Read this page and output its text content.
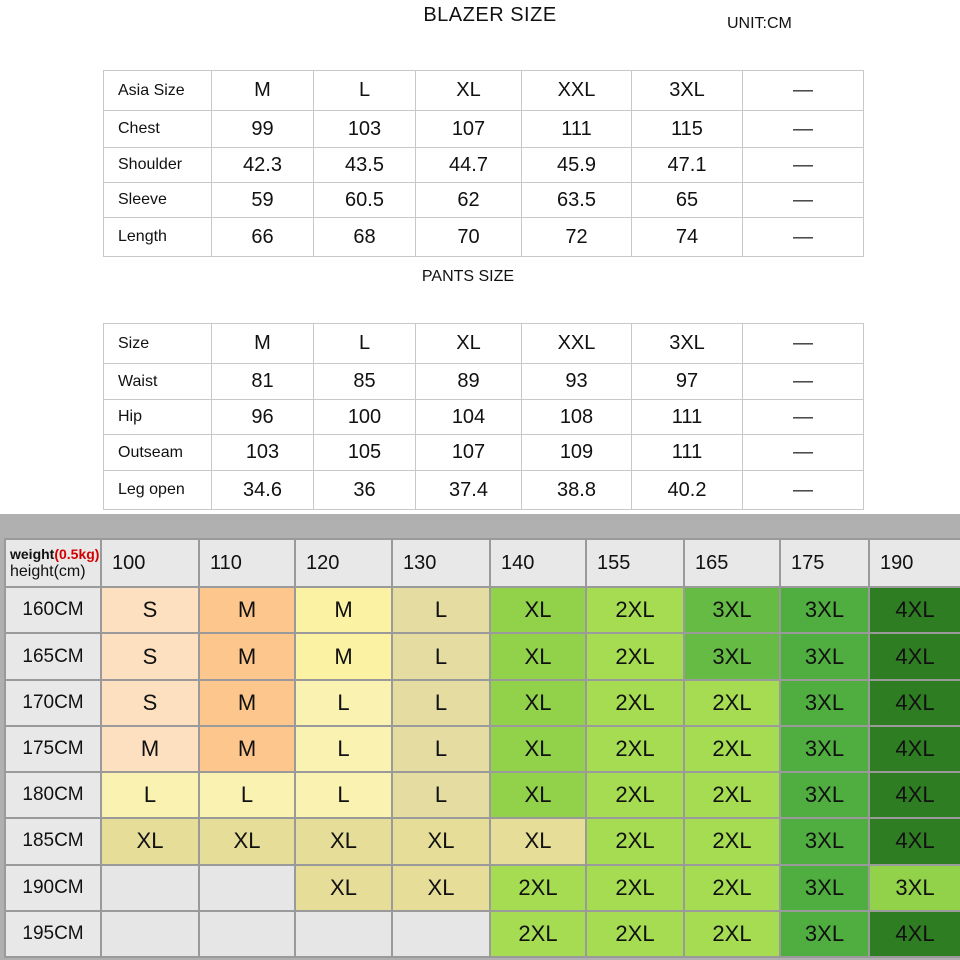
BLAZER SIZE	UNIT:CM
Asia Size	M	L	XL	XXL	3XL	—
Chest	99	103	107	111	115	—
Shoulder	42.3	43.5	44.7	45.9	47.1	—
Sleeve	59	60.5	62	63.5	65	—
Length	66	68	70	72	74	—
PANTS SIZE
Size	M	L	XL	XXL	3XL	—
Waist	81	85	89	93	97	—
Hip	96	100	104	108	111	—
Outseam	103	105	107	109	111	—
Leg open	34.6	36	37.4	38.8	40.2	—
weight(0.5kg)
height(cm)	100	110	120	130	140	155	165	175	190
160CM	S	M	M	L	XL	2XL	3XL	3XL	4XL
165CM	S	M	M	L	XL	2XL	3XL	3XL	4XL
170CM	S	M	L	L	XL	2XL	2XL	3XL	4XL
175CM	M	M	L	L	XL	2XL	2XL	3XL	4XL
180CM	L	L	L	L	XL	2XL	2XL	3XL	4XL
185CM	XL	XL	XL	XL	XL	2XL	2XL	3XL	4XL
190CM			XL	XL	2XL	2XL	2XL	3XL	3XL
195CM					2XL	2XL	2XL	3XL	4XL
